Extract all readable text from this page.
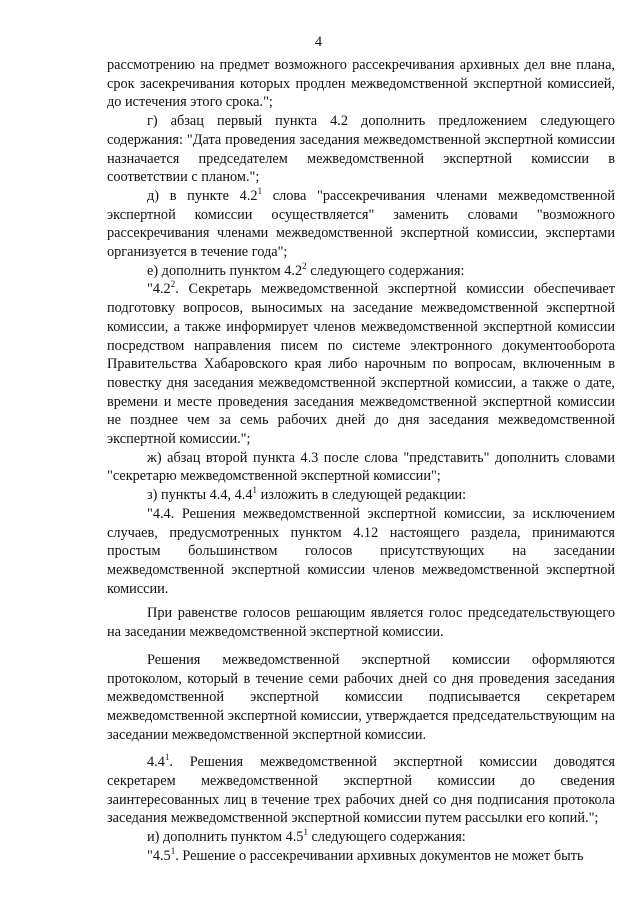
4

рассмотрению на предмет возможного рассекречивания архивных дел вне плана, срок засекречивания которых продлен межведомственной экспертной комиссией, до истечения этого срока.";

г) абзац первый пункта 4.2 дополнить предложением следующего содержания: "Дата проведения заседания межведомственной экспертной комиссии назначается председателем межведомственной экспертной комиссии в соответствии с планом.";

д) в пункте $4.2^1$ слова "рассекречивания членами межведомственной экспертной комиссии осуществляется" заменить словами "возможного рассекречивания членами межведомственной экспертной комиссии, экспертами организуется в течение года";

е) дополнить пунктом $4.2^2$ следующего содержания:

"$4.2^2$. Секретарь межведомственной экспертной комиссии обеспечивает подготовку вопросов, выносимых на заседание межведомственной экспертной комиссии, а также информирует членов межведомственной экспертной комиссии посредством направления писем по системе электронного документооборота Правительства Хабаровского края либо нарочным по вопросам, включенным в повестку дня заседания межведомственной экспертной комиссии, а также о дате, времени и месте проведения заседания межведомственной экспертной комиссии не позднее чем за семь рабочих дней до дня заседания межведомственной экспертной комиссии.";

ж) абзац второй пункта 4.3 после слова "представить" дополнить словами "секретарю межведомственной экспертной комиссии";

з) пункты 4.4, $4.4^1$ изложить в следующей редакции:

"4.4. Решения межведомственной экспертной комиссии, за исключением случаев, предусмотренных пунктом 4.12 настоящего раздела, принимаются простым большинством голосов присутствующих на заседании межведомственной экспертной комиссии членов межведомственной экспертной комиссии.

При равенстве голосов решающим является голос председательствующего на заседании межведомственной экспертной комиссии.

Решения межведомственной экспертной комиссии оформляются протоколом, который в течение семи рабочих дней со дня проведения заседания межведомственной экспертной комиссии подписывается секретарем межведомственной экспертной комиссии, утверждается председательствующим на заседании межведомственной экспертной комиссии.

$4.4^1$. Решения межведомственной экспертной комиссии доводятся секретарем межведомственной экспертной комиссии до сведения заинтересованных лиц в течение трех рабочих дней со дня подписания протокола заседания межведомственной экспертной комиссии путем рассылки его копий.";

и) дополнить пунктом $4.5^1$ следующего содержания:

"$4.5^1$. Решение о рассекречивании архивных документов не может быть
